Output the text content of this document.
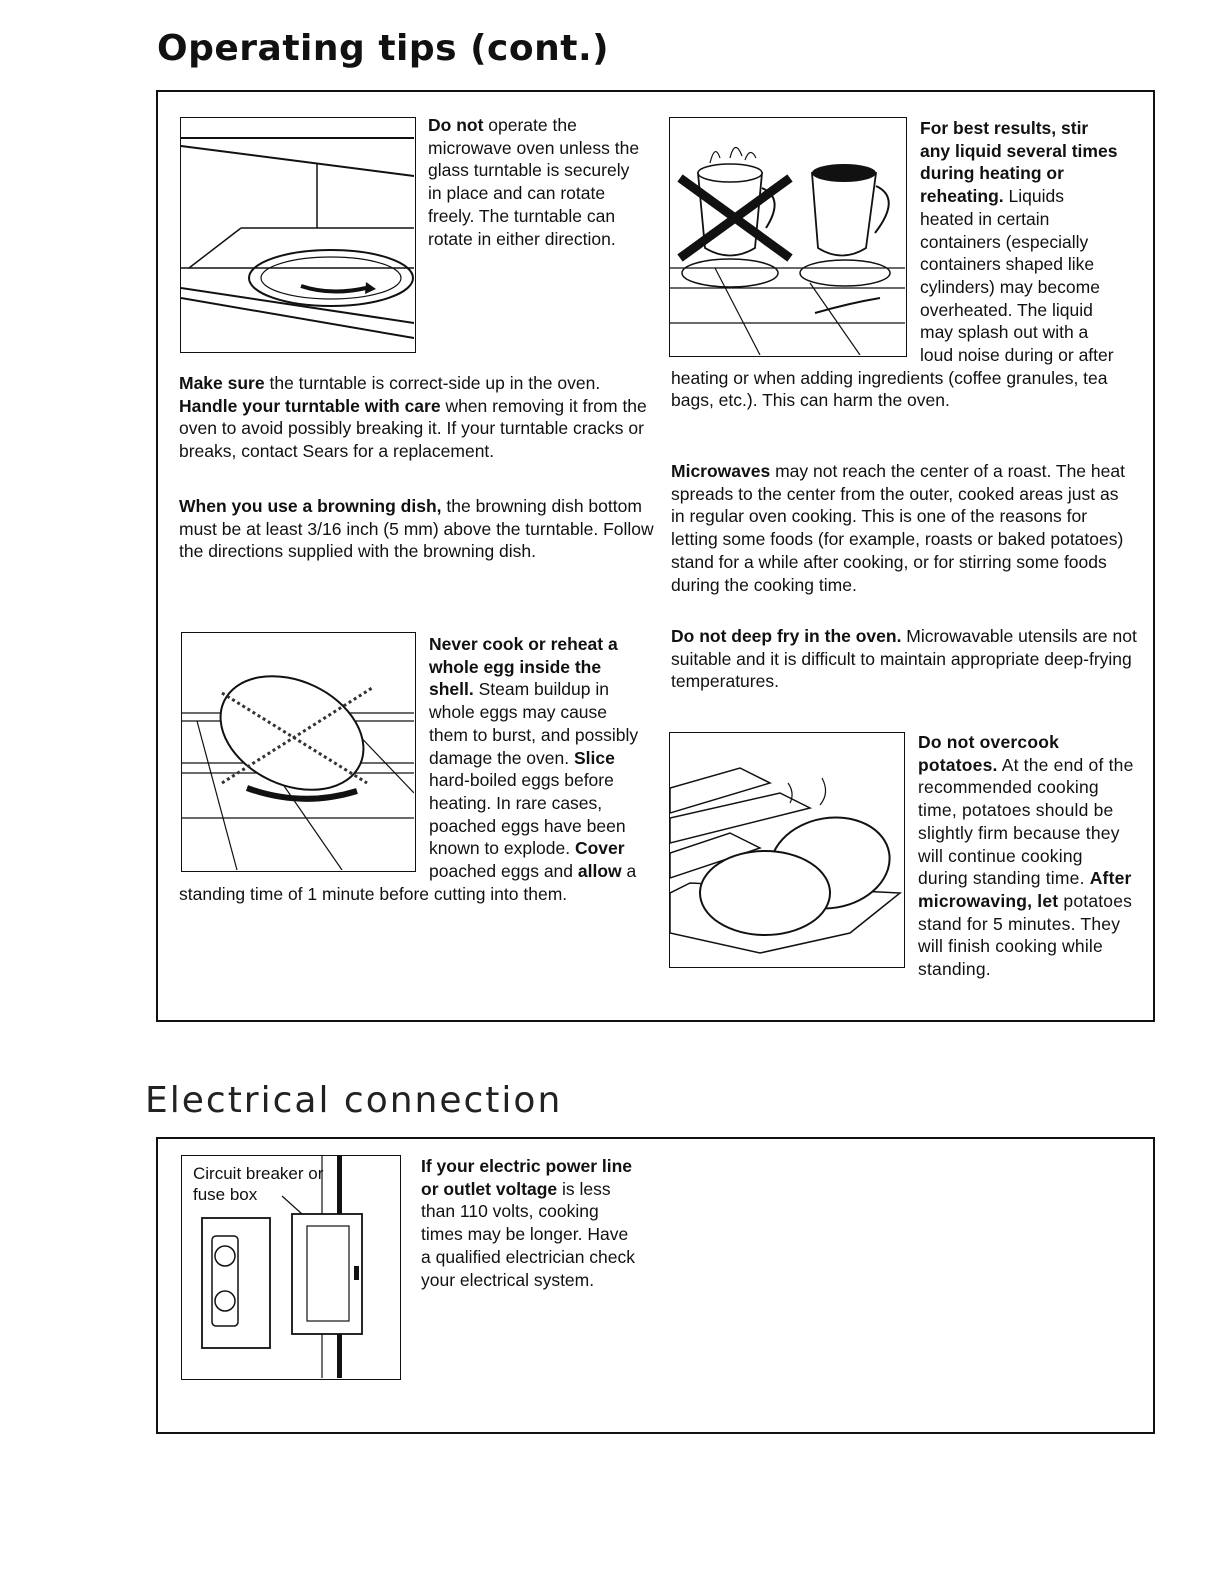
Operating tips (cont.)

Do not operate the microwave oven unless the glass turntable is securely in place and can rotate freely. The turntable can rotate in either direction.

Make sure the turntable is correct-side up in the oven. Handle your turntable with care when removing it from the oven to avoid possibly breaking it. If your turntable cracks or breaks, contact Sears for a replacement.

When you use a browning dish, the browning dish bottom must be at least 3/16 inch (5 mm) above the turntable. Follow the directions supplied with the browning dish.

Never cook or reheat a whole egg inside the shell. Steam buildup in whole eggs may cause them to burst, and possibly damage the oven. Slice hard-boiled eggs before heating. In rare cases, poached eggs have been known to explode. Cover poached eggs and allow a standing time of 1 minute before cutting into them.

For best results, stir any liquid several times during heating or reheating. Liquids heated in certain containers (especially containers shaped like cylinders) may become overheated. The liquid may splash out with a loud noise during or after heating or when adding ingredients (coffee granules, tea bags, etc.). This can harm the oven.

Microwaves may not reach the center of a roast. The heat spreads to the center from the outer, cooked areas just as in regular oven cooking. This is one of the reasons for letting some foods (for example, roasts or baked potatoes) stand for a while after cooking, or for stirring some foods during the cooking time.

Do not deep fry in the oven. Microwavable utensils are not suitable and it is difficult to maintain appropriate deep-frying temperatures.

Do not overcook potatoes. At the end of the recommended cooking time, potatoes should be slightly firm because they will continue cooking during standing time. After microwaving, let potatoes stand for 5 minutes. They will finish cooking while standing.

Electrical connection
Circuit breaker or fuse box

If your electric power line or outlet voltage is less than 110 volts, cooking times may be longer. Have a qualified electrician check your electrical system.
